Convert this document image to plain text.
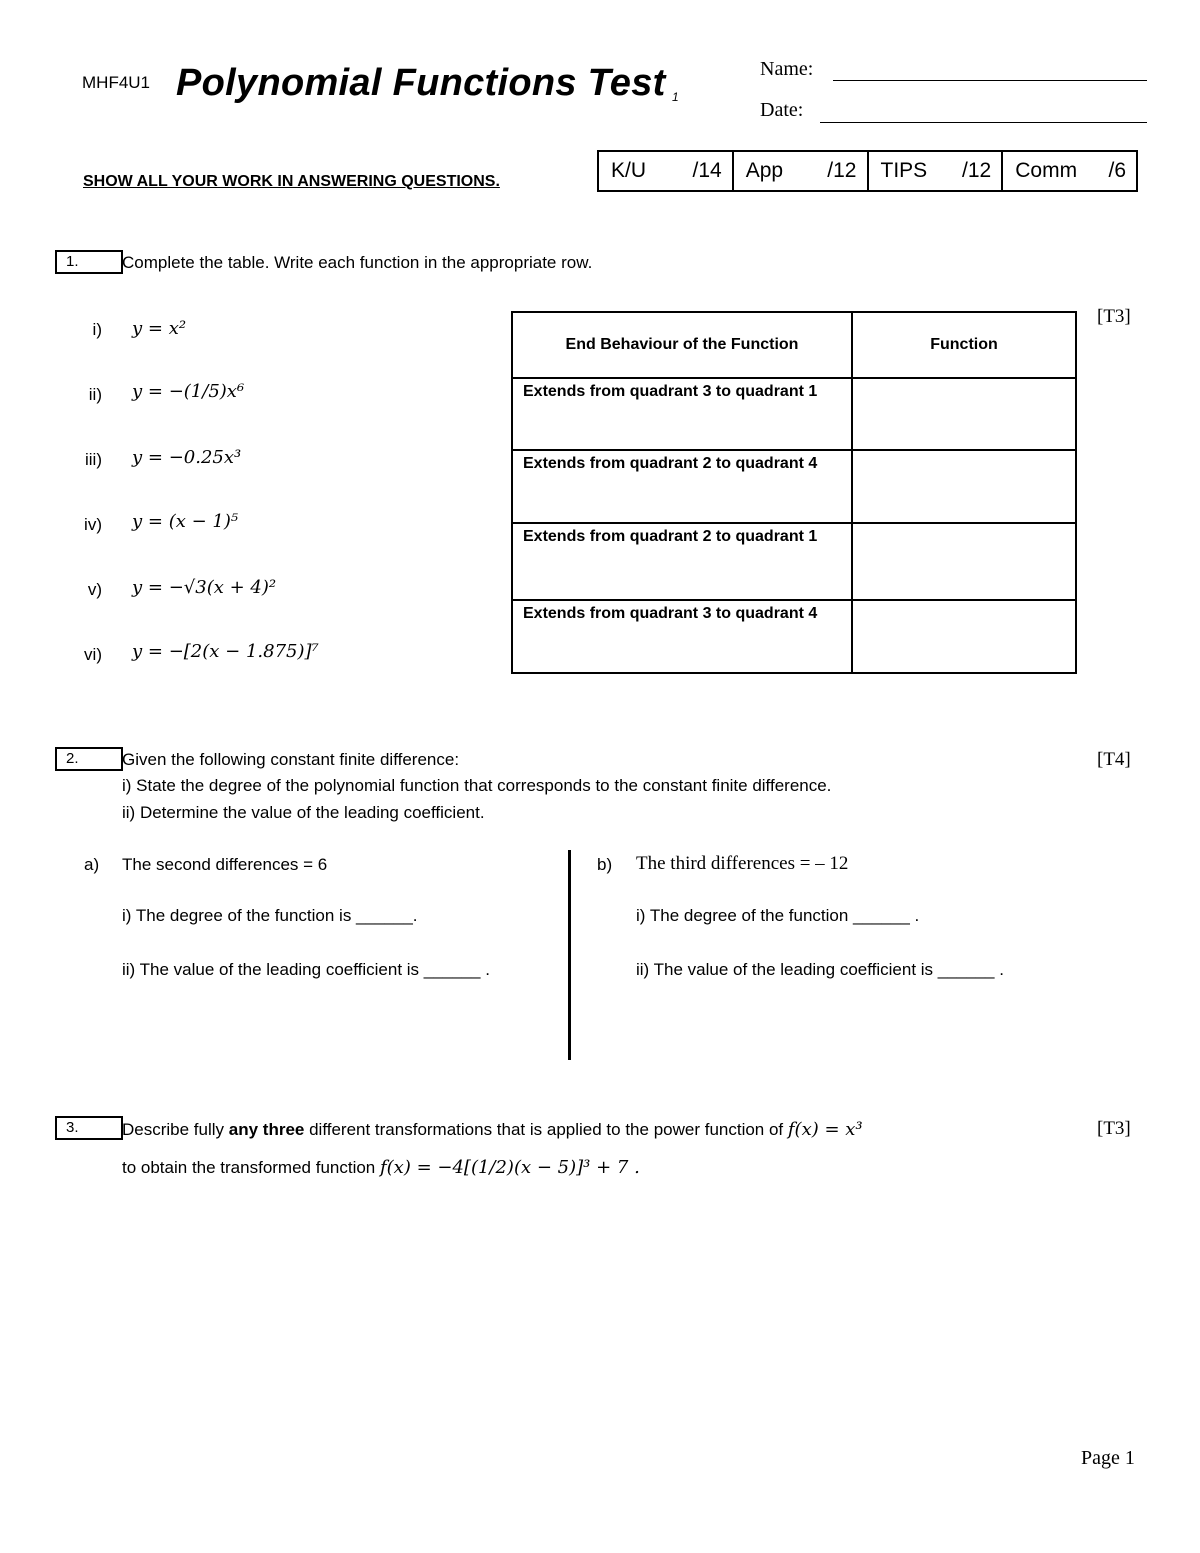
MHF4U1 Polynomial Functions Test 1
Name:
Date:
SHOW ALL YOUR WORK IN ANSWERING QUESTIONS.	K/U /14 App /12 TIPS /12 Comm /6
1.	Complete the table. Write each function in the appropriate row.
[T3]
i) y = x²
ii) y = −(1/5)x⁶
iii) y = −0.25x³
iv) y = (x − 1)⁵
v) y = −√3(x + 4)²
vi) y = −[2(x − 1.875)]⁷
End Behaviour of the Function	Function
Extends from quadrant 3 to quadrant 1	
Extends from quadrant 2 to quadrant 4	
Extends from quadrant 2 to quadrant 1	
Extends from quadrant 3 to quadrant 4	
2.	Given the following constant finite difference:
i) State the degree of the polynomial function that corresponds to the constant finite difference.
ii) Determine the value of the leading coefficient.
[T4]
a) The second differences = 6
i) The degree of the function is ______.
ii) The value of the leading coefficient is ______ .
b) The third differences = – 12
i) The degree of the function ______ .
ii) The value of the leading coefficient is ______ .
3.	Describe fully any three different transformations that is applied to the power function of f(x) = x³
to obtain the transformed function f(x) = −4[(1/2)(x − 5)]³ + 7 .
[T3]
Page 1
